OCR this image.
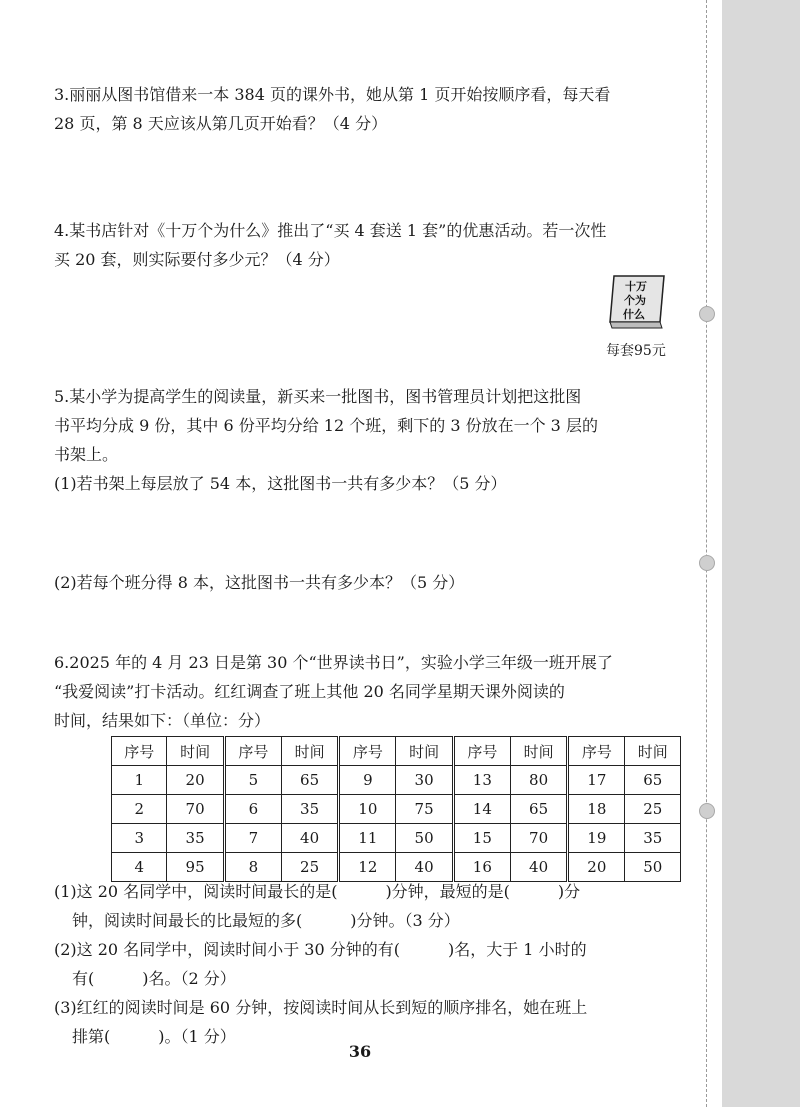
3.丽丽从图书馆借来一本 384 页的课外书，她从第 1 页开始按顺序看，每天看

28 页，第 8 天应该从第几页开始看？（4 分）

4.某书店针对《十万个为什么》推出了“买 4 套送 1 套”的优惠活动。若一次性

买 20 套，则实际要付多少元？（4 分）

十万
个为
什么
每套95元

5.某小学为提高学生的阅读量，新买来一批图书，图书管理员计划把这批图

书平均分成 9 份，其中 6 份平均分给 12 个班，剩下的 3 份放在一个 3 层的

书架上。

(1)若书架上每层放了 54 本，这批图书一共有多少本？（5 分）

(2)若每个班分得 8 本，这批图书一共有多少本？（5 分）

6.2025 年的 4 月 23 日是第 30 个“世界读书日”，实验小学三年级一班开展了

“我爱阅读”打卡活动。红红调查了班上其他 20 名同学星期天课外阅读的

时间，结果如下：（单位：分）

序号	时间	序号	时间	序号	时间	序号	时间	序号	时间
1	20	5	65	9	30	13	80	17	65
2	70	6	35	10	75	14	65	18	25
3	35	7	40	11	50	15	70	19	35
4	95	8	25	12	40	16	40	20	50

(1)这 20 名同学中，阅读时间最长的是(　　　)分钟，最短的是(　　　)分

钟，阅读时间最长的比最短的多(　　　)分钟。（3 分）

(2)这 20 名同学中，阅读时间小于 30 分钟的有(　　　)名，大于 1 小时的

有(　　　)名。（2 分）

(3)红红的阅读时间是 60 分钟，按阅读时间从长到短的顺序排名，她在班上

排第(　　　)。（1 分）

36
